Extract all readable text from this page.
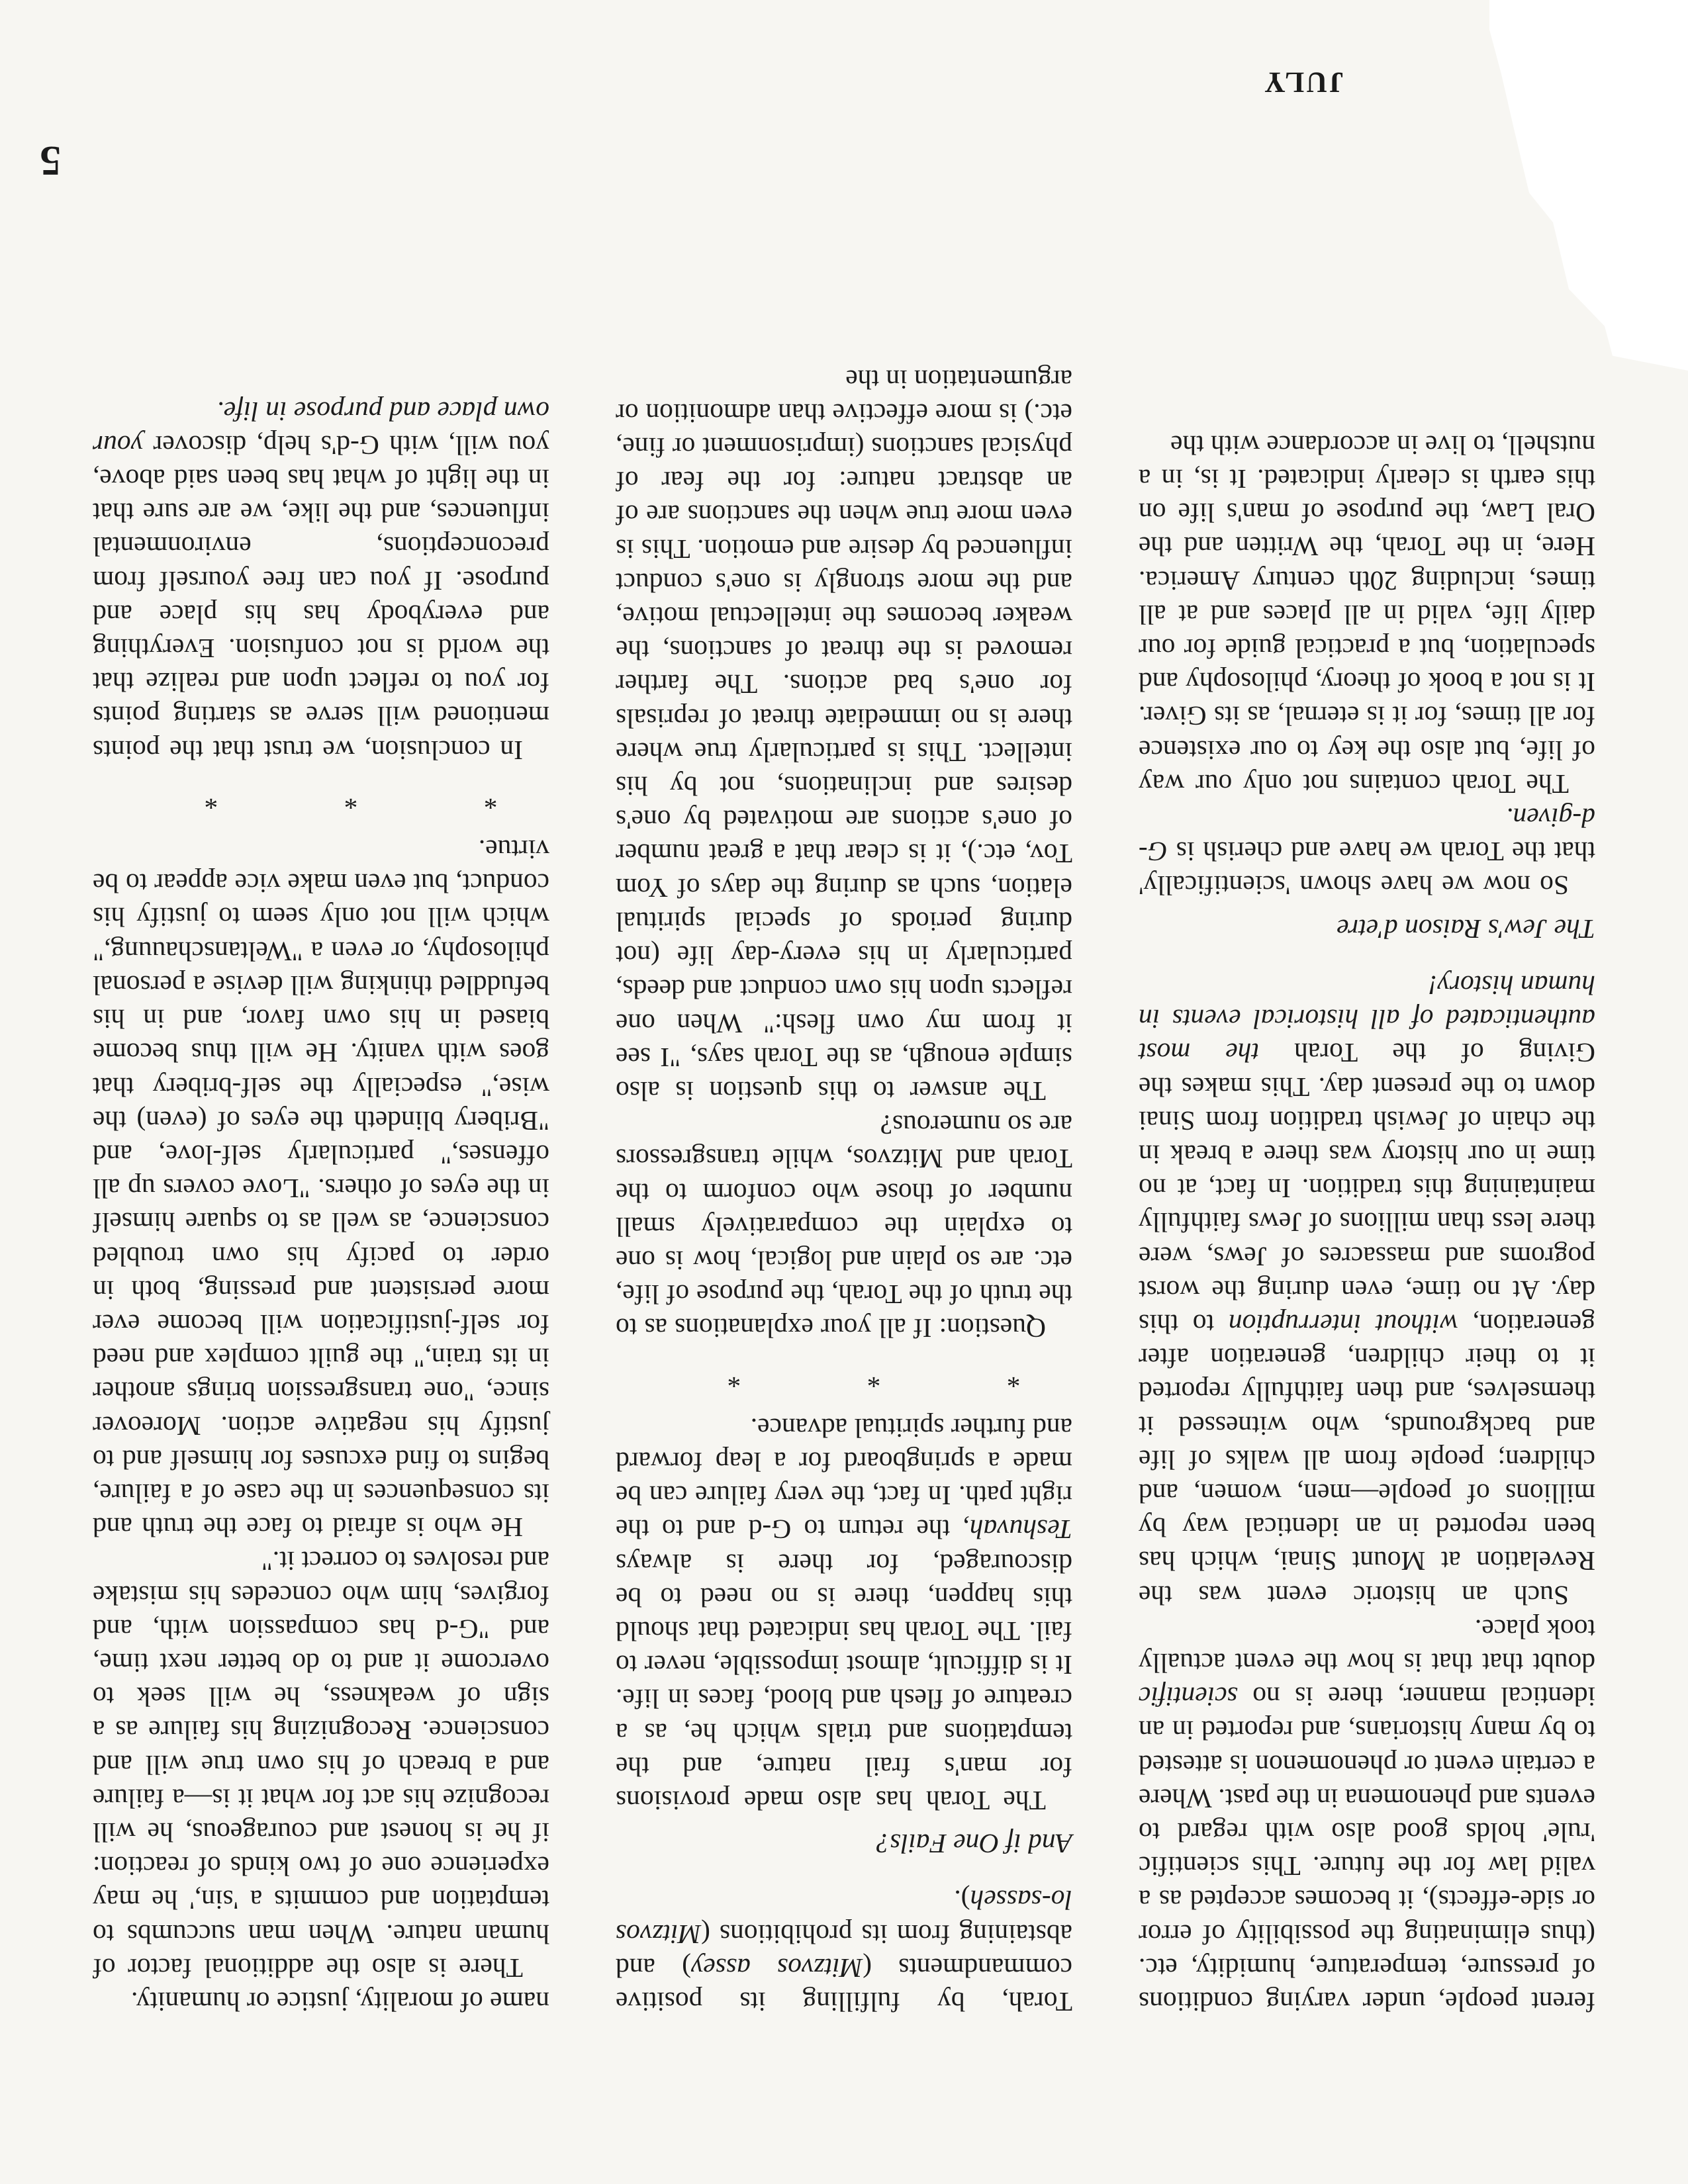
JULY
5

ferent people, under varying conditions of pressure, temperature, humidity, etc. (thus eliminating the possibility of error or side-effects), it becomes accepted as a valid law for the future. This scientific 'rule' holds good also with regard to events and phenomena in the past. Where a certain event or phenomenon is attested to by many historians, and reported in an identical manner, there is no scientific doubt that that is how the event actually took place.

Such an historic event was the Revelation at Mount Sinai, which has been reported in an identical way by millions of people—men, women, and children; people from all walks of life and backgrounds, who witnessed it themselves, and then faithfully reported it to their children, generation after generation, without interruption to this day. At no time, even during the worst pogroms and massacres of Jews, were there less than millions of Jews faithfully maintaining this tradition. In fact, at no time in our history was there a break in the chain of Jewish tradition from Sinai down to the present day. This makes the Giving of the Torah the most authenticated of all historical events in human history!

The Jew's Raison d'etre

So now we have shown 'scientifically' that the Torah we have and cherish is G-d-given.

The Torah contains not only our way of life, but also the key to our existence for all times, for it is eternal, as its Giver. It is not a book of theory, philosophy and speculation, but a practical guide for our daily life, valid in all places and at all times, including 20th century America. Here, in the Torah, the Written and the Oral Law, the purpose of man's life on this earth is clearly indicated. It is, in a nutshell, to live in accordance with the

Torah, by fulfilling its positive commandments (Mitzvos assey) and abstaining from its prohibitions (Mitzvos lo-sasseh).

And if One Fails?

The Torah has also made provisions for man's frail nature, and the temptations and trials which he, as a creature of flesh and blood, faces in life. It is difficult, almost impossible, never to fail. The Torah has indicated that should this happen, there is no need to be discouraged, for there is always Teshuvah, the return to G-d and to the right path. In fact, the very failure can be made a springboard for a leap forward and further spiritual advance.

* * *

Question: If all your explanations as to the truth of the Torah, the purpose of life, etc. are so plain and logical, how is one to explain the comparatively small number of those who conform to the Torah and Mitzvos, while transgressors are so numerous?

The answer to this question is also simple enough, as the Torah says, "I see it from my own flesh:" When one reflects upon his own conduct and deeds, particularly in his every-day life (not during periods of special spiritual elation, such as during the days of Yom Tov, etc.), it is clear that a great number of one's actions are motivated by one's desires and inclinations, not by his intellect. This is particularly true where there is no immediate threat of reprisals for one's bad actions. The farther removed is the threat of sanctions, the weaker becomes the intellectual motive, and the more strongly is one's conduct influenced by desire and emotion. This is even more true when the sanctions are of an abstract nature: for the fear of physical sanctions (imprisonment or fine, etc.) is more effective than admonition or argumentation in the

name of morality, justice or humanity.

There is also the additional factor of human nature. When man succumbs to temptation and commits a 'sin,' he may experience one of two kinds of reaction: if he is honest and courageous, he will recognize his act for what it is—a failure and a breach of his own true will and conscience. Recognizing his failure as a sign of weakness, he will seek to overcome it and to do better next time, and "G-d has compassion with, and forgives, him who concedes his mistake and resolves to correct it."

He who is afraid to face the truth and its consequences in the case of a failure, begins to find excuses for himself and to justify his negative action. Moreover since, "one transgression brings another in its train," the guilt complex and need for self-justification will become ever more persistent and pressing, both in order to pacify his own troubled conscience, as well as to square himself in the eyes of others. "Love covers up all offenses," particularly self-love, and "Bribery blindeth the eyes of (even) the wise," especially the self-bribery that goes with vanity. He will thus become biased in his own favor, and in his befuddled thinking will devise a personal philosophy, or even a "Weltanschauung," which will not only seem to justify his conduct, but even make vice appear to be virtue.

* * *

In conclusion, we trust that the points mentioned will serve as starting points for you to reflect upon and realize that the world is not confusion. Everything and everybody has his place and purpose. If you can free yourself from preconceptions, environmental influences, and the like, we are sure that in the light of what has been said above, you will, with G-d's help, discover your own place and purpose in life.
